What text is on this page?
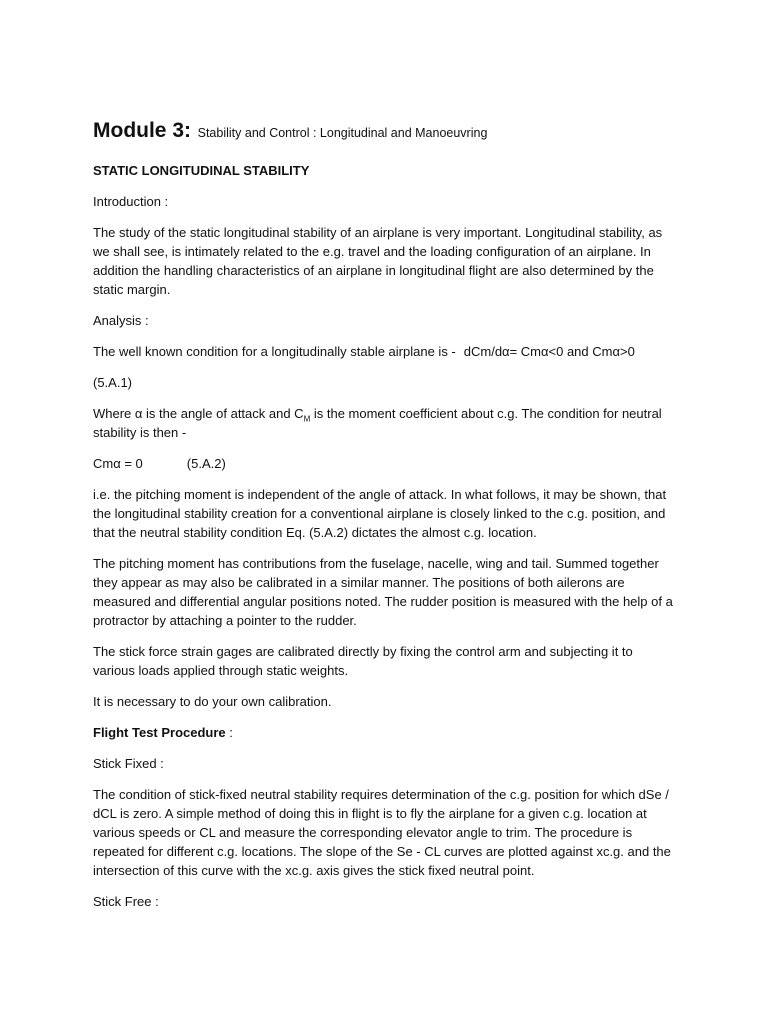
Module 3: Stability and Control : Longitudinal and Manoeuvring

STATIC LONGITUDINAL STABILITY

Introduction :

The study of the static longitudinal stability of an airplane is very important. Longitudinal stability, as we shall see, is intimately related to the e.g. travel and the loading configuration of an airplane. In addition the handling characteristics of an airplane in longitudinal flight are also determined by the static margin.

Analysis :

The well known condition for a longitudinally stable airplane is - dCm/dα= Cmα<0 and Cmα>0

(5.A.1)

Where α is the angle of attack and $C_M$ is the moment coefficient about c.g. The condition for neutral stability is then -

Cmα = 0	(5.A.2)

i.e. the pitching moment is independent of the angle of attack. In what follows, it may be shown, that the longitudinal stability creation for a conventional airplane is closely linked to the c.g. position, and that the neutral stability condition Eq. (5.A.2) dictates the almost c.g. location.

The pitching moment has contributions from the fuselage, nacelle, wing and tail. Summed together they appear as may also be calibrated in a similar manner. The positions of both ailerons are measured and differential angular positions noted. The rudder position is measured with the help of a protractor by attaching a pointer to the rudder.

The stick force strain gages are calibrated directly by fixing the control arm and subjecting it to various loads applied through static weights.

It is necessary to do your own calibration.

Flight Test Procedure :

Stick Fixed :

The condition of stick-fixed neutral stability requires determination of the c.g. position for which dSe / dCL is zero. A simple method of doing this in flight is to fly the airplane for a given c.g. location at various speeds or CL and measure the corresponding elevator angle to trim. The procedure is repeated for different c.g. locations. The slope of the Se - CL curves are plotted against xc.g. and the intersection of this curve with the xc.g. axis gives the stick fixed neutral point.

Stick Free :
